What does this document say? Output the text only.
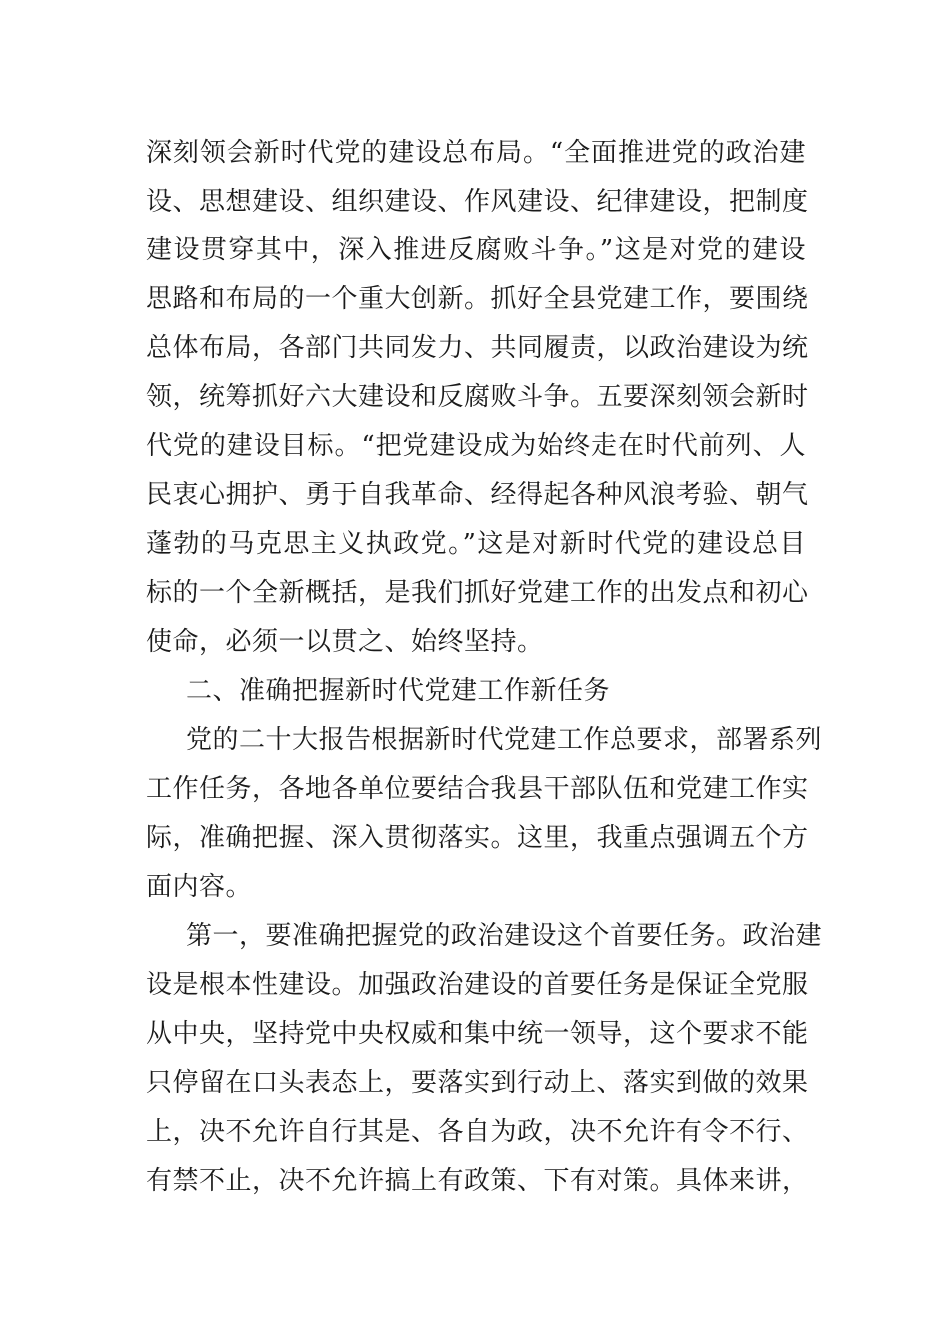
深刻领会新时代党的建设总布局。“全面推进党的政治建
设、思想建设、组织建设、作风建设、纪律建设，把制度
建设贯穿其中，深入推进反腐败斗争。”这是对党的建设
思路和布局的一个重大创新。抓好全县党建工作，要围绕
总体布局，各部门共同发力、共同履责，以政治建设为统
领，统筹抓好六大建设和反腐败斗争。五要深刻领会新时
代党的建设目标。“把党建设成为始终走在时代前列、人
民衷心拥护、勇于自我革命、经得起各种风浪考验、朝气
蓬勃的马克思主义执政党。”这是对新时代党的建设总目
标的一个全新概括，是我们抓好党建工作的出发点和初心
使命，必须一以贯之、始终坚持。
二、准确把握新时代党建工作新任务
党的二十大报告根据新时代党建工作总要求，部署系列
工作任务，各地各单位要结合我县干部队伍和党建工作实
际，准确把握、深入贯彻落实。这里，我重点强调五个方
面内容。
第一，要准确把握党的政治建设这个首要任务。政治建
设是根本性建设。加强政治建设的首要任务是保证全党服
从中央，坚持党中央权威和集中统一领导，这个要求不能
只停留在口头表态上，要落实到行动上、落实到做的效果
上，决不允许自行其是、各自为政，决不允许有令不行、
有禁不止，决不允许搞上有政策、下有对策。具体来讲，
